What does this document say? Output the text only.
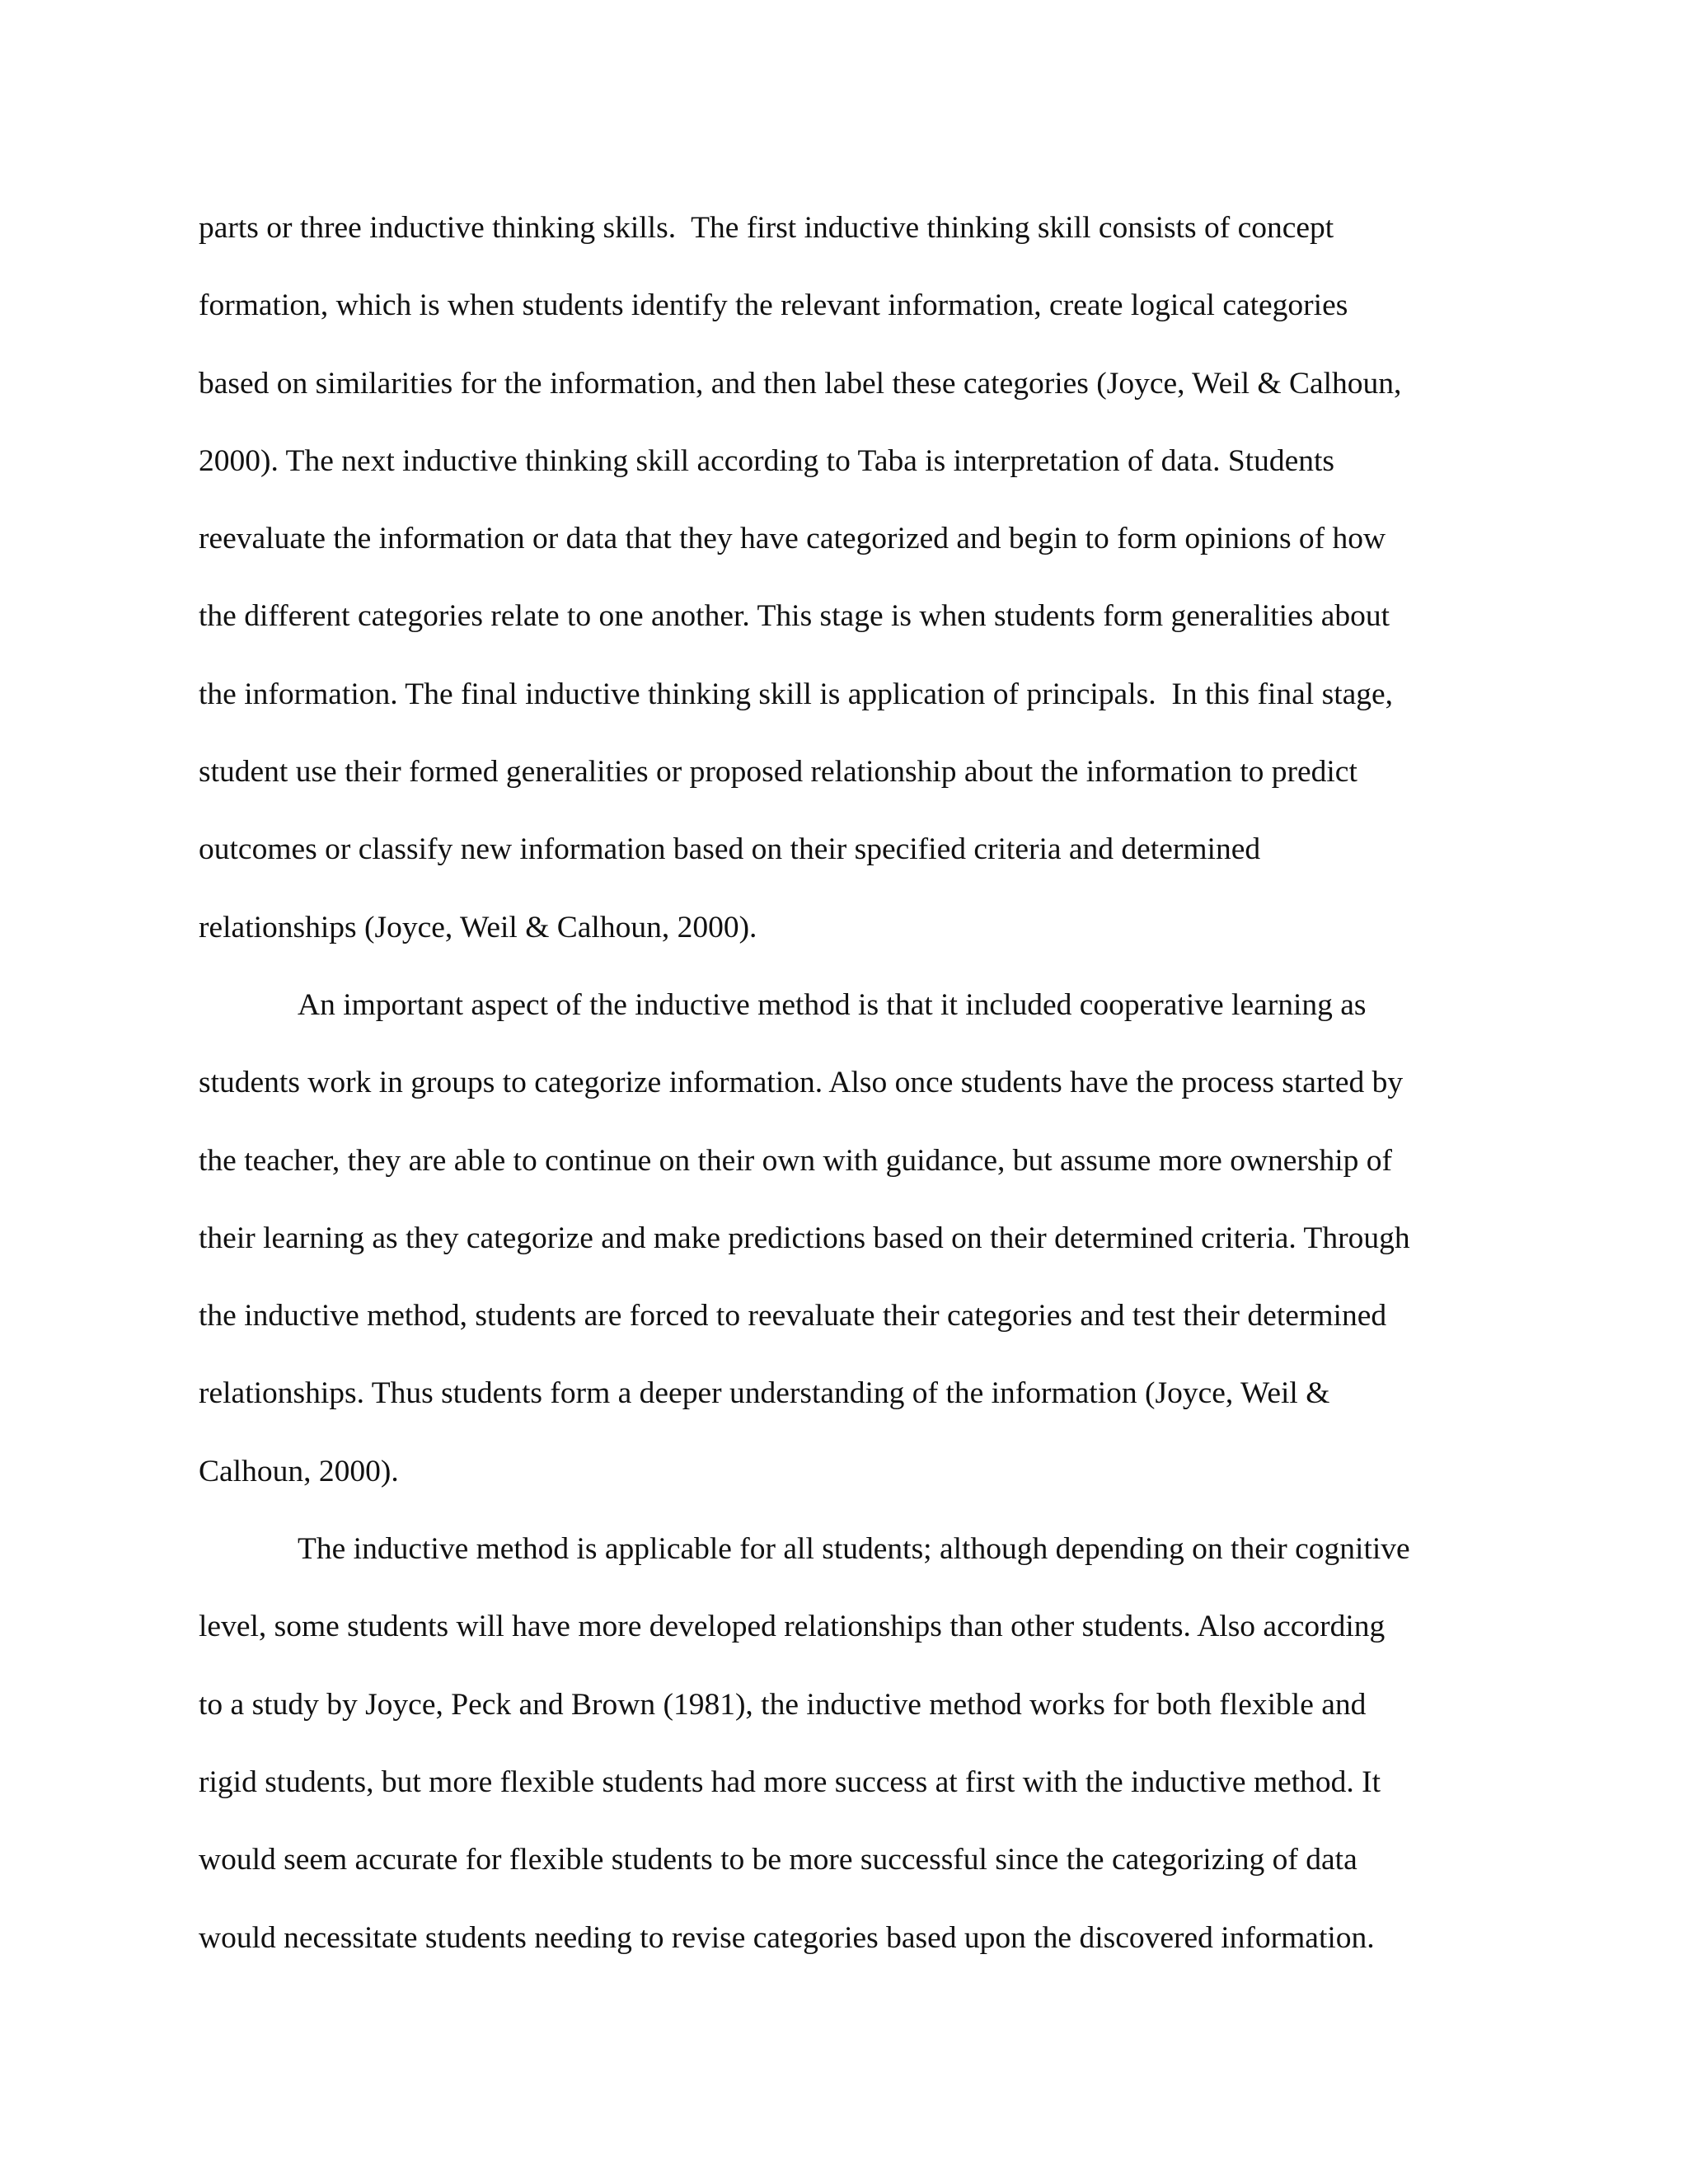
parts or three inductive thinking skills.  The first inductive thinking skill consists of concept
formation, which is when students identify the relevant information, create logical categories
based on similarities for the information, and then label these categories (Joyce, Weil & Calhoun,
2000). The next inductive thinking skill according to Taba is interpretation of data. Students
reevaluate the information or data that they have categorized and begin to form opinions of how
the different categories relate to one another. This stage is when students form generalities about
the information. The final inductive thinking skill is application of principals.  In this final stage,
student use their formed generalities or proposed relationship about the information to predict
outcomes or classify new information based on their specified criteria and determined
relationships (Joyce, Weil & Calhoun, 2000).
An important aspect of the inductive method is that it included cooperative learning as
students work in groups to categorize information. Also once students have the process started by
the teacher, they are able to continue on their own with guidance, but assume more ownership of
their learning as they categorize and make predictions based on their determined criteria. Through
the inductive method, students are forced to reevaluate their categories and test their determined
relationships. Thus students form a deeper understanding of the information (Joyce, Weil &
Calhoun, 2000).
The inductive method is applicable for all students; although depending on their cognitive
level, some students will have more developed relationships than other students. Also according
to a study by Joyce, Peck and Brown (1981), the inductive method works for both flexible and
rigid students, but more flexible students had more success at first with the inductive method. It
would seem accurate for flexible students to be more successful since the categorizing of data
would necessitate students needing to revise categories based upon the discovered information.
